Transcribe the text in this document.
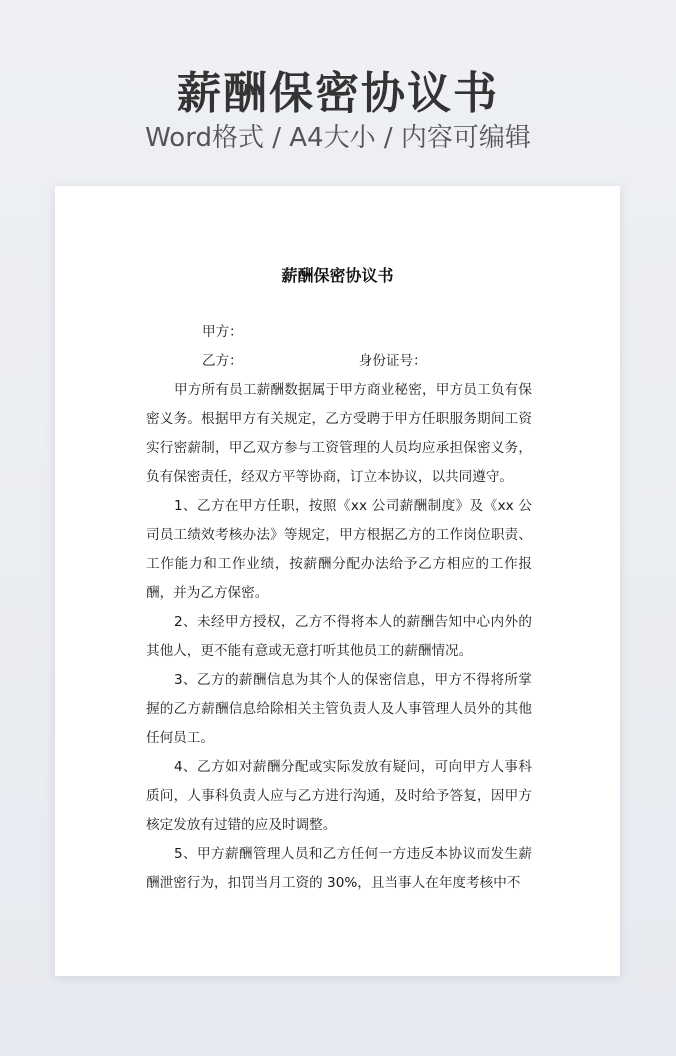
薪酬保密协议书
Word格式 / A4大小 / 内容可编辑
薪酬保密协议书

甲方：

乙方：	身份证号：

甲方所有员工薪酬数据属于甲方商业秘密，甲方员工负有保密义务。根据甲方有关规定，乙方受聘于甲方任职服务期间工资实行密薪制，甲乙双方参与工资管理的人员均应承担保密义务，负有保密责任，经双方平等协商，订立本协议，以共同遵守。

1、乙方在甲方任职，按照《xx 公司薪酬制度》及《xx 公司员工绩效考核办法》等规定，甲方根据乙方的工作岗位职责、工作能力和工作业绩，按薪酬分配办法给予乙方相应的工作报酬，并为乙方保密。

2、未经甲方授权，乙方不得将本人的薪酬告知中心内外的其他人，更不能有意或无意打听其他员工的薪酬情况。

3、乙方的薪酬信息为其个人的保密信息，甲方不得将所掌握的乙方薪酬信息给除相关主管负责人及人事管理人员外的其他任何员工。

4、乙方如对薪酬分配或实际发放有疑问，可向甲方人事科质问，人事科负责人应与乙方进行沟通，及时给予答复，因甲方核定发放有过错的应及时调整。

5、甲方薪酬管理人员和乙方任何一方违反本协议而发生薪酬泄密行为，扣罚当月工资的 30%，且当事人在年度考核中不
